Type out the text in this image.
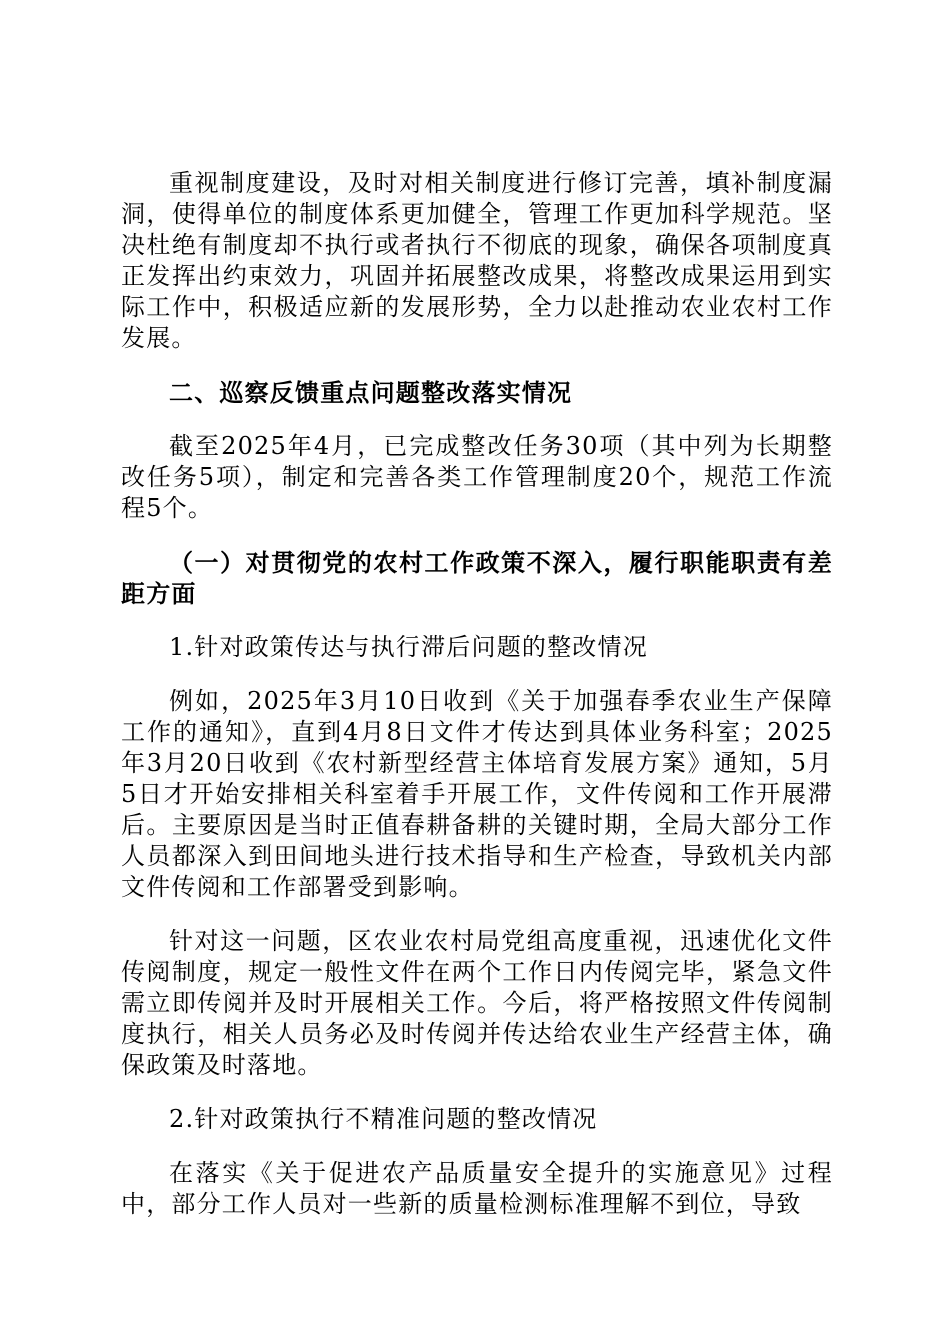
重视制度建设，及时对相关制度进行修订完善，填补制度漏洞，使得单位的制度体系更加健全，管理工作更加科学规范。坚决杜绝有制度却不执行或者执行不彻底的现象，确保各项制度真正发挥出约束效力，巩固并拓展整改成果，将整改成果运用到实际工作中，积极适应新的发展形势，全力以赴推动农业农村工作发展。

二、巡察反馈重点问题整改落实情况

截至2025年4月，已完成整改任务30项（其中列为长期整改任务5项），制定和完善各类工作管理制度20个，规范工作流程5个。

（一）对贯彻党的农村工作政策不深入，履行职能职责有差距方面

1.针对政策传达与执行滞后问题的整改情况

例如，2025年3月10日收到《关于加强春季农业生产保障工作的通知》，直到4月8日文件才传达到具体业务科室；2025年3月20日收到《农村新型经营主体培育发展方案》通知，5月5日才开始安排相关科室着手开展工作，文件传阅和工作开展滞后。主要原因是当时正值春耕备耕的关键时期，全局大部分工作人员都深入到田间地头进行技术指导和生产检查，导致机关内部文件传阅和工作部署受到影响。

针对这一问题，区农业农村局党组高度重视，迅速优化文件传阅制度，规定一般性文件在两个工作日内传阅完毕，紧急文件需立即传阅并及时开展相关工作。今后，将严格按照文件传阅制度执行，相关人员务必及时传阅并传达给农业生产经营主体，确保政策及时落地。

2.针对政策执行不精准问题的整改情况

在落实《关于促进农产品质量安全提升的实施意见》过程中，部分工作人员对一些新的质量检测标准理解不到位，导致
